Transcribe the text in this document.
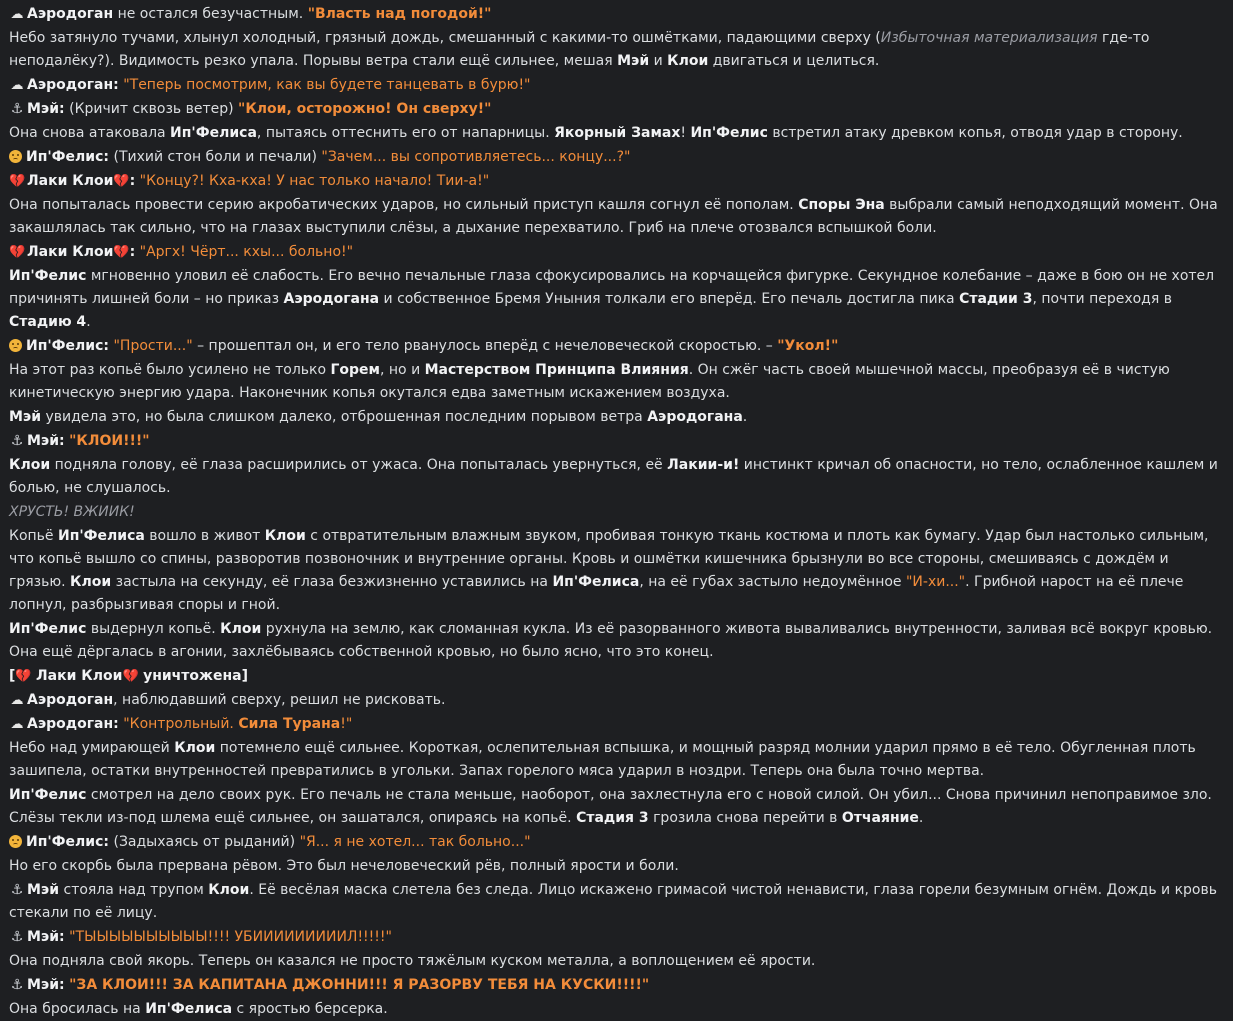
☁ Аэродоган не остался безучастным. "Власть над погодой!"
Небо затянуло тучами, хлынул холодный, грязный дождь, смешанный с какими-то ошмётками, падающими сверху (Избыточная материализация где-то неподалёку?). Видимость резко упала. Порывы ветра стали ещё сильнее, мешая Мэй и Клои двигаться и целиться.
☁ Аэродоган: "Теперь посмотрим, как вы будете танцевать в бурю!"
⚓ Мэй: (Кричит сквозь ветер) "Клои, осторожно! Он сверху!"
Она снова атаковала Ип'Фелиса, пытаясь оттеснить его от напарницы. Якорный Замах! Ип'Фелис встретил атаку древком копья, отводя удар в сторону.
Ип'Фелис: (Тихий стон боли и печали) "Зачем... вы сопротивляетесь... концу...?"
💔 Лаки Клои💔: "Концу?! Кха-кха! У нас только начало! Тии-а!"
Она попыталась провести серию акробатических ударов, но сильный приступ кашля согнул её пополам. Споры Эна выбрали самый неподходящий момент. Она закашлялась так сильно, что на глазах выступили слёзы, а дыхание перехватило. Гриб на плече отозвался вспышкой боли.
💔 Лаки Клои💔: "Аргх! Чёрт... кхы... больно!"
Ип'Фелис мгновенно уловил её слабость. Его вечно печальные глаза сфокусировались на корчащейся фигурке. Секундное колебание – даже в бою он не хотел причинять лишней боли – но приказ Аэродогана и собственное Бремя Уныния толкали его вперёд. Его печаль достигла пика Стадии 3, почти переходя в Стадию 4.
Ип'Фелис: "Прости..." – прошептал он, и его тело рванулось вперёд с нечеловеческой скоростью. – "Укол!"
На этот раз копьё было усилено не только Горем, но и Мастерством Принципа Влияния. Он сжёг часть своей мышечной массы, преобразуя её в чистую кинетическую энергию удара. Наконечник копья окутался едва заметным искажением воздуха.
Мэй увидела это, но была слишком далеко, отброшенная последним порывом ветра Аэродогана.
⚓ Мэй: "КЛОИ!!!"
Клои подняла голову, её глаза расширились от ужаса. Она попыталась увернуться, её Лакии-и! инстинкт кричал об опасности, но тело, ослабленное кашлем и болью, не слушалось.
ХРУСТЬ! ВЖИИК!
Копьё Ип'Фелиса вошло в живот Клои с отвратительным влажным звуком, пробивая тонкую ткань костюма и плоть как бумагу. Удар был настолько сильным, что копьё вышло со спины, разворотив позвоночник и внутренние органы. Кровь и ошмётки кишечника брызнули во все стороны, смешиваясь с дождём и грязью. Клои застыла на секунду, её глаза безжизненно уставились на Ип'Фелиса, на её губах застыло недоумённое "И-хи...". Грибной нарост на её плече лопнул, разбрызгивая споры и гной.
Ип'Фелис выдернул копьё. Клои рухнула на землю, как сломанная кукла. Из её разорванного живота вываливались внутренности, заливая всё вокруг кровью. Она ещё дёргалась в агонии, захлёбываясь собственной кровью, но было ясно, что это конец.
[💔 Лаки Клои💔 уничтожена]
☁ Аэродоган, наблюдавший сверху, решил не рисковать.
☁ Аэродоган: "Контрольный. Сила Турана!"
Небо над умирающей Клои потемнело ещё сильнее. Короткая, ослепительная вспышка, и мощный разряд молнии ударил прямо в её тело. Обугленная плоть зашипела, остатки внутренностей превратились в угольки. Запах горелого мяса ударил в ноздри. Теперь она была точно мертва.
Ип'Фелис смотрел на дело своих рук. Его печаль не стала меньше, наоборот, она захлестнула его с новой силой. Он убил... Снова причинил непоправимое зло. Слёзы текли из-под шлема ещё сильнее, он зашатался, опираясь на копьё. Стадия 3 грозила снова перейти в Отчаяние.
Ип'Фелис: (Задыхаясь от рыданий) "Я... я не хотел... так больно..."
Но его скорбь была прервана рёвом. Это был нечеловеческий рёв, полный ярости и боли.
⚓ Мэй стояла над трупом Клои. Её весёлая маска слетела без следа. Лицо искажено гримасой чистой ненависти, глаза горели безумным огнём. Дождь и кровь стекали по её лицу.
⚓ Мэй: "ТЫЫЫЫЫЫЫЫЫЫ!!!! УБИИИИИИИИИЛ!!!!!"
Она подняла свой якорь. Теперь он казался не просто тяжёлым куском металла, а воплощением её ярости.
⚓ Мэй: "ЗА КЛОИ!!! ЗА КАПИТАНА ДЖОННИ!!! Я РАЗОРВУ ТЕБЯ НА КУСКИ!!!!"
Она бросилась на Ип'Фелиса с яростью берсерка.
